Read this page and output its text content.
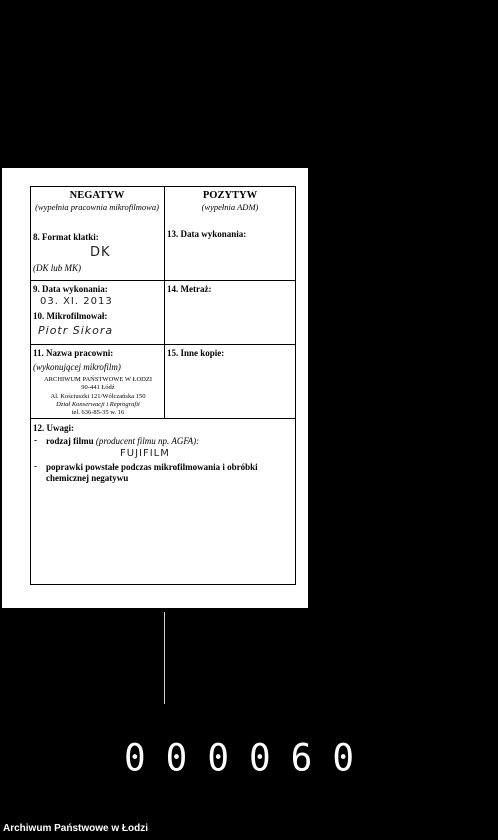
NEGATYW
(wypełnia pracownia mikrofilmowa)
POZYTYW
(wypełnia ADM)
8. Format klatki:
DK
(DK lub MK)
13. Data wykonania:
9. Data wykonania:
03. XI. 2013
10. Mikrofilmował:
Piotr Sikora
14. Metraż:
11. Nazwa pracowni:
(wykonującej mikrofilm)
ARCHIWUM PAŃSTWOWE W ŁODZI
90-441 Łódź
Al. Kościuszki 121/Wólczańska 150
Dział Konserwacji i Reprografii
tel. 636-85-35 w. 16
15. Inne kopie:
12. Uwagi:
- rodzaj filmu (producent filmu np. AGFA):
FUJIFILM
- poprawki powstałe podczas mikrofilmowania i obróbki
chemicznej negatywu
000060
Archiwum Państwowe w Łodzi
